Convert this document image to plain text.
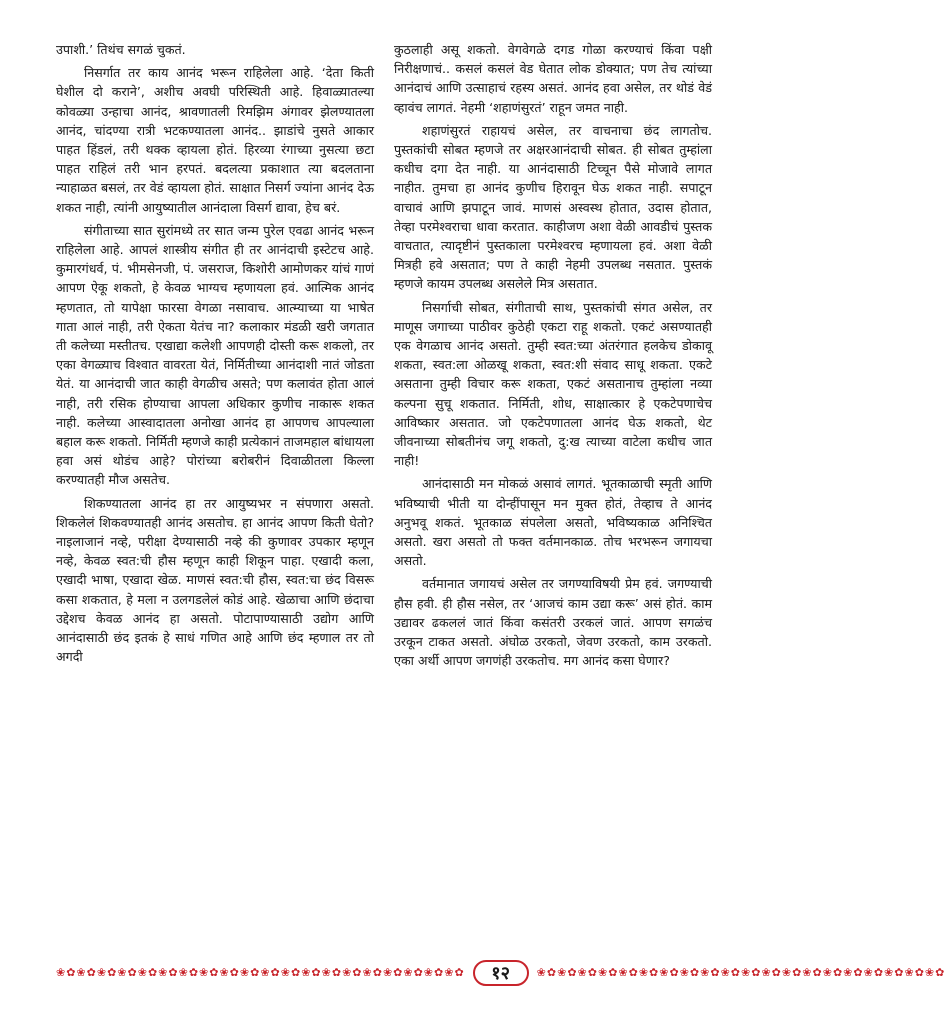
उपाशी.’ तिथंच सगळं चुकतं.

निसर्गात तर काय आनंद भरून राहिलेला आहे. ‘देता किती घेशील दो कराने’, अशीच अवघी परिस्थिती आहे. हिवाळ्यातल्या कोवळ्या उन्हाचा आनंद, श्रावणातली रिमझिम अंगावर झेलण्यातला आनंद, चांदण्या रात्री भटकण्यातला आनंद.. झाडांचे नुसते आकार पाहत हिंडलं, तरी थक्क व्हायला होतं. हिरव्या रंगाच्या नुसत्या छटा पाहत राहिलं तरी भान हरपतं. बदलत्या प्रकाशात त्या बदलताना न्याहाळत बसलं, तर वेडं व्हायला होतं. साक्षात निसर्ग ज्यांना आनंद देऊ शकत नाही, त्यांनी आयुष्यातील आनंदाला विसर्ग द्यावा, हेच बरं.

संगीताच्या सात सुरांमध्ये तर सात जन्म पुरेल एवढा आनंद भरून राहिलेला आहे. आपलं शास्त्रीय संगीत ही तर आनंदाची इस्टेटच आहे. कुमारगंधर्व, पं. भीमसेनजी, पं. जसराज, किशोरी आमोणकर यांचं गाणं आपण ऐकू शकतो, हे केवळ भाग्यच म्हणायला हवं. आत्मिक आनंद म्हणतात, तो यापेक्षा फारसा वेगळा नसावाच. आत्म्याच्या या भाषेत गाता आलं नाही, तरी ऐकता येतंच ना? कलाकार मंडळी खरी जगतात ती कलेच्या मस्तीतच. एखाद्या कलेशी आपणही दोस्ती करू शकलो, तर एका वेगळ्याच विश्वात वावरता येतं, निर्मितीच्या आनंदाशी नातं जोडता येतं. या आनंदाची जात काही वेगळीच असते; पण कलावंत होता आलं नाही, तरी रसिक होण्याचा आपला अधिकार कुणीच नाकारू शकत नाही. कलेच्या आस्वादातला अनोखा आनंद हा आपणच आपल्याला बहाल करू शकतो. निर्मिती म्हणजे काही प्रत्येकानं ताजमहाल बांधायला हवा असं थोडंच आहे? पोरांच्या बरोबरीनं दिवाळीतला किल्ला करण्यातही मौज असतेच.

शिकण्यातला आनंद हा तर आयुष्यभर न संपणारा असतो. शिकलेलं शिकवण्यातही आनंद असतोच. हा आनंद आपण किती घेतो? नाइलाजानं नव्हे, परीक्षा देण्यासाठी नव्हे की कुणावर उपकार म्हणून नव्हे, केवळ स्वत:ची हौस म्हणून काही शिकून पाहा. एखादी कला, एखादी भाषा, एखादा खेळ. माणसं स्वत:ची हौस, स्वत:चा छंद विसरू कसा शकतात, हे मला न उलगडलेलं कोडं आहे. खेळाचा आणि छंदाचा उद्देशच केवळ आनंद हा असतो. पोटापाण्यासाठी उद्योग आणि आनंदासाठी छंद इतकं हे साधं गणित आहे आणि छंद म्हणाल तर तो अगदी

कुठलाही असू शकतो. वेगवेगळे दगड गोळा करण्याचं किंवा पक्षी निरीक्षणाचं.. कसलं कसलं वेड घेतात लोक डोक्यात; पण तेच त्यांच्या आनंदाचं आणि उत्साहाचं रहस्य असतं. आनंद हवा असेल, तर थोडं वेडं व्हावंच लागतं. नेहमी ‘शहाणंसुरतं’ राहून जमत नाही.

शहाणंसुरतं राहायचं असेल, तर वाचनाचा छंद लागतोच. पुस्तकांची सोबत म्हणजे तर अक्षरआनंदाची सोबत. ही सोबत तुम्हांला कधीच दगा देत नाही. या आनंदासाठी टिच्चून पैसे मोजावे लागत नाहीत. तुमचा हा आनंद कुणीच हिरावून घेऊ शकत नाही. सपाटून वाचावं आणि झपाटून जावं. माणसं अस्वस्थ होतात, उदास होतात, तेव्हा परमेश्वराचा धावा करतात. काहीजण अशा वेळी आवडीचं पुस्तक वाचतात, त्यादृष्टीनं पुस्तकाला परमेश्वरच म्हणायला हवं. अशा वेळी मित्रही हवे असतात; पण ते काही नेहमी उपलब्ध नसतात. पुस्तकं म्हणजे कायम उपलब्ध असलेले मित्र असतात.

निसर्गाची सोबत, संगीताची साथ, पुस्तकांची संगत असेल, तर माणूस जगाच्या पाठीवर कुठेही एकटा राहू शकतो. एकटं असण्यातही एक वेगळाच आनंद असतो. तुम्ही स्वत:च्या अंतरंगात हलकेच डोकावू शकता, स्वत:ला ओळखू शकता, स्वत:शी संवाद साधू शकता. एकटे असताना तुम्ही विचार करू शकता, एकटं असतानाच तुम्हांला नव्या कल्पना सुचू शकतात. निर्मिती, शोध, साक्षात्कार हे एकटेपणाचेच आविष्कार असतात. जो एकटेपणातला आनंद घेऊ शकतो, थेट जीवनाच्या सोबतीनंच जगू शकतो, दु:ख त्याच्या वाटेला कधीच जात नाही!

आनंदासाठी मन मोकळं असावं लागतं. भूतकाळाची स्मृती आणि भविष्याची भीती या दोन्हींपासून मन मुक्त होतं, तेव्हाच ते आनंद अनुभवू शकतं. भूतकाळ संपलेला असतो, भविष्यकाळ अनिश्चित असतो. खरा असतो तो फक्त वर्तमानकाळ. तोच भरभरून जगायचा असतो.

वर्तमानात जगायचं असेल तर जगण्याविषयी प्रेम हवं. जगण्याची हौस हवी. ही हौस नसेल, तर ‘आजचं काम उद्या करू’ असं होतं. काम उद्यावर ढकललं जातं किंवा कसंतरी उरकलं जातं. आपण सगळंच उरकून टाकत असतो. अंघोळ उरकतो, जेवण उरकतो, काम उरकतो. एका अर्थी आपण जगणंही उरकतोच. मग आनंद कसा घेणार?

❀✿❀✿❀✿❀✿❀✿❀✿❀✿❀✿❀✿❀✿❀✿❀✿❀✿❀✿❀✿❀✿❀✿❀✿❀✿❀✿	१२	❀✿❀✿❀✿❀✿❀✿❀✿❀✿❀✿❀✿❀✿❀✿❀✿❀✿❀✿❀✿❀✿❀✿❀✿❀✿❀✿
